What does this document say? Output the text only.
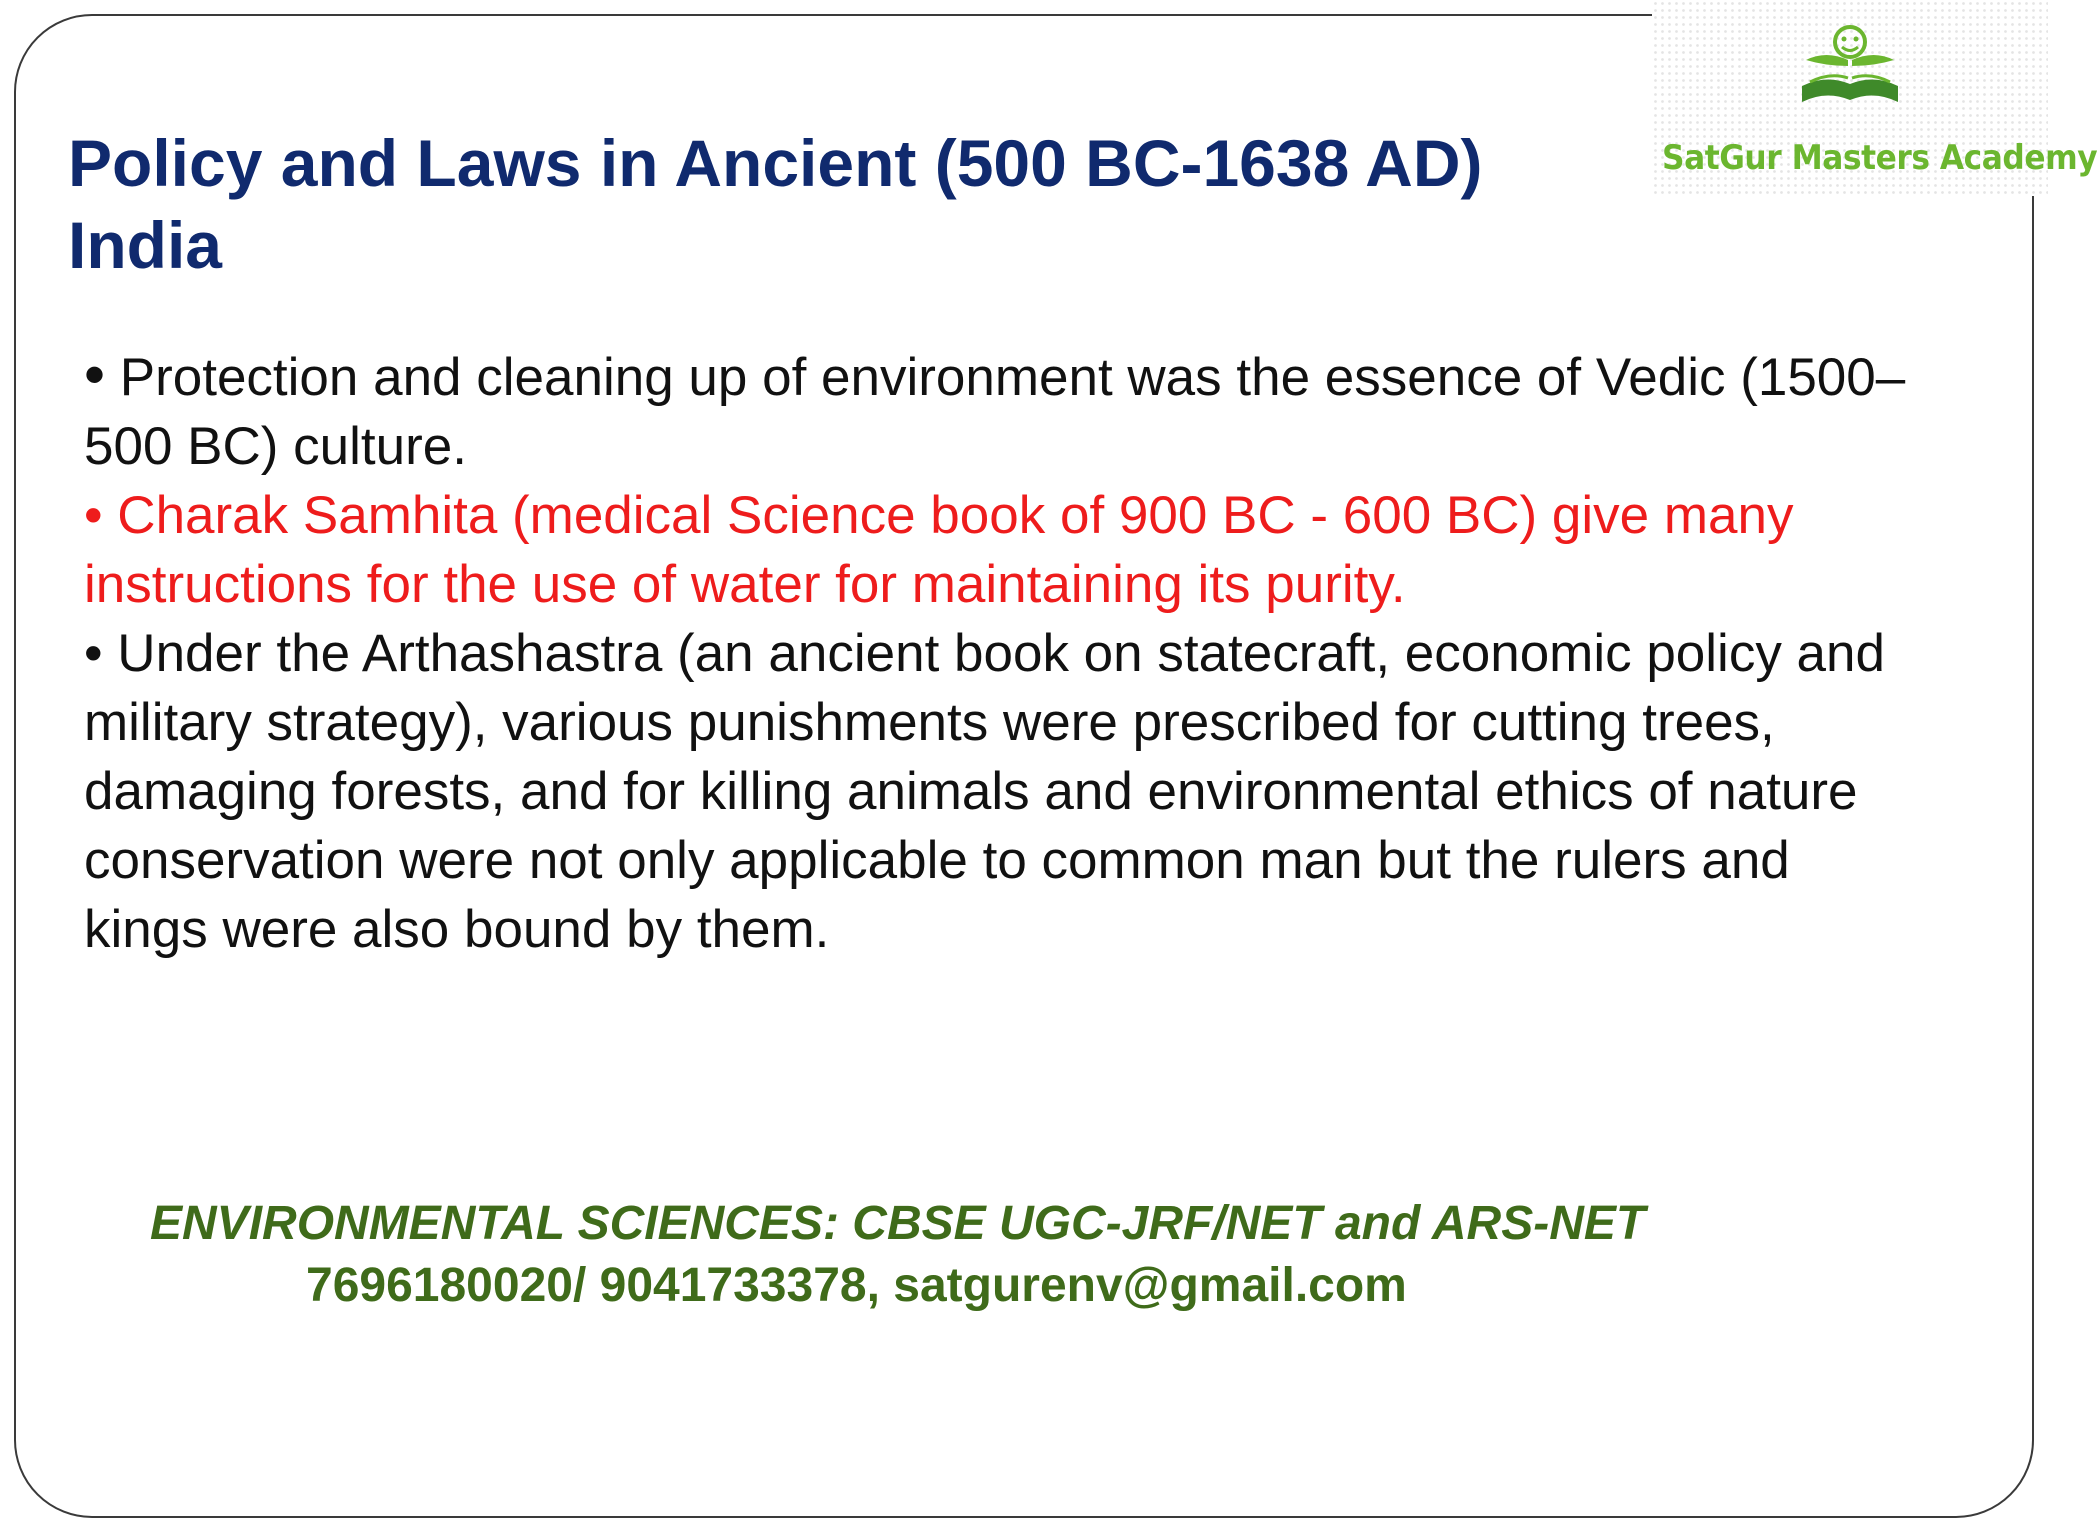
SatGur Masters Academy
Policy and Laws in Ancient (500 BC-1638 AD)
India

• Protection and cleaning up of environment was the essence of Vedic (1500–500 BC) culture.

• Charak Samhita (medical Science book of 900 BC - 600 BC) give many instructions for the use of water for maintaining its purity.

• Under the Arthashastra (an ancient book on statecraft, economic policy and military strategy), various punishments were prescribed for cutting trees, damaging forests, and for killing animals and environmental ethics of nature conservation were not only applicable to common man but the rulers and kings were also bound by them.

ENVIRONMENTAL SCIENCES: CBSE UGC-JRF/NET and ARS-NET
7696180020/ 9041733378, satgurenv@gmail.com
